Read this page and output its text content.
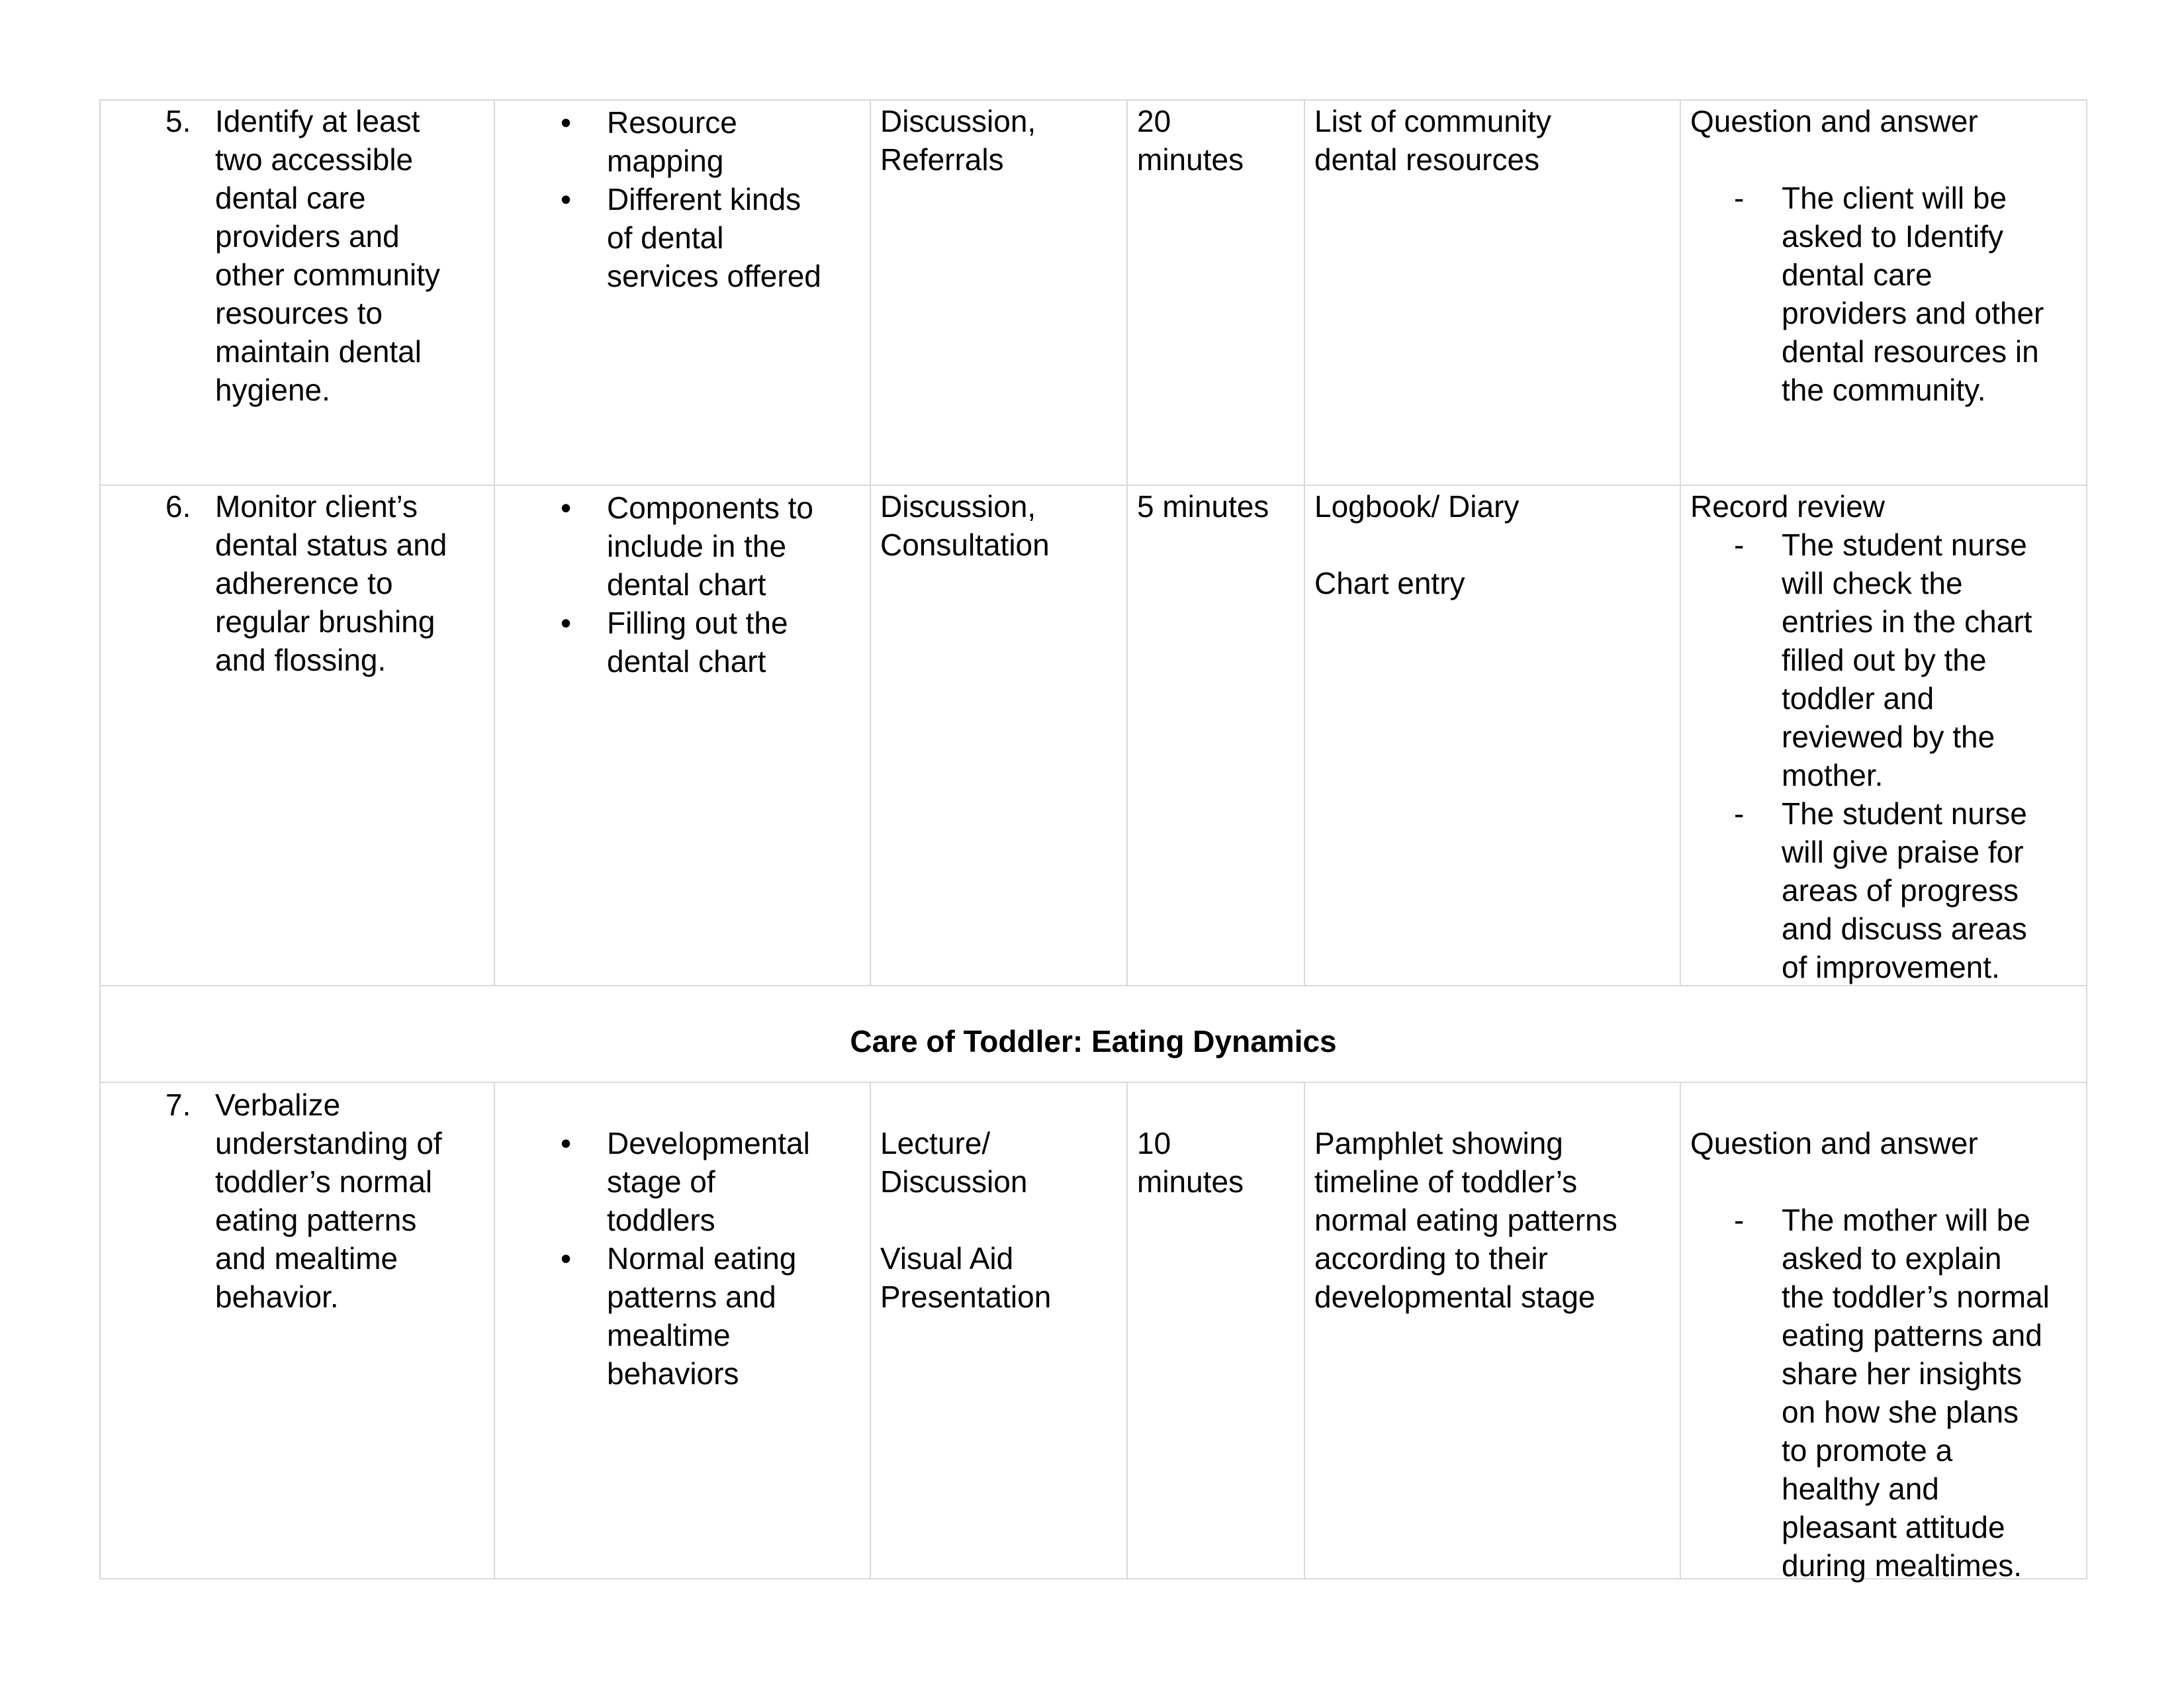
5. Identify at least
two accessible
dental care
providers and
other community
resources to
maintain dental
hygiene.
• Resource
mapping
• Different kinds
of dental
services offered
Discussion,
Referrals
20
minutes
List of community
dental resources
Question and answer
- The client will be
asked to Identify
dental care
providers and other
dental resources in
the community.
6. Monitor client’s
dental status and
adherence to
regular brushing
and flossing.
• Components to
include in the
dental chart
• Filling out the
dental chart
Discussion,
Consultation
5 minutes Logbook/ Diary
Chart entry
Record review
- The student nurse
will check the
entries in the chart
filled out by the
toddler and
reviewed by the
mother.
- The student nurse
will give praise for
areas of progress
and discuss areas
of improvement.
7. Verbalize
understanding of
toddler’s normal
eating patterns
and mealtime
behavior.
• Developmental
stage of
toddlers
• Normal eating
patterns and
mealtime
behaviors
Lecture/
Discussion
Visual Aid
Presentation
10
minutes
Pamphlet showing
timeline of toddler’s
normal eating patterns
according to their
developmental stage
Question and answer
- The mother will be
asked to explain
the toddler’s normal
eating patterns and
share her insights
on how she plans
to promote a
healthy and
pleasant attitude
during mealtimes.
Care of Toddler: Eating Dynamics
